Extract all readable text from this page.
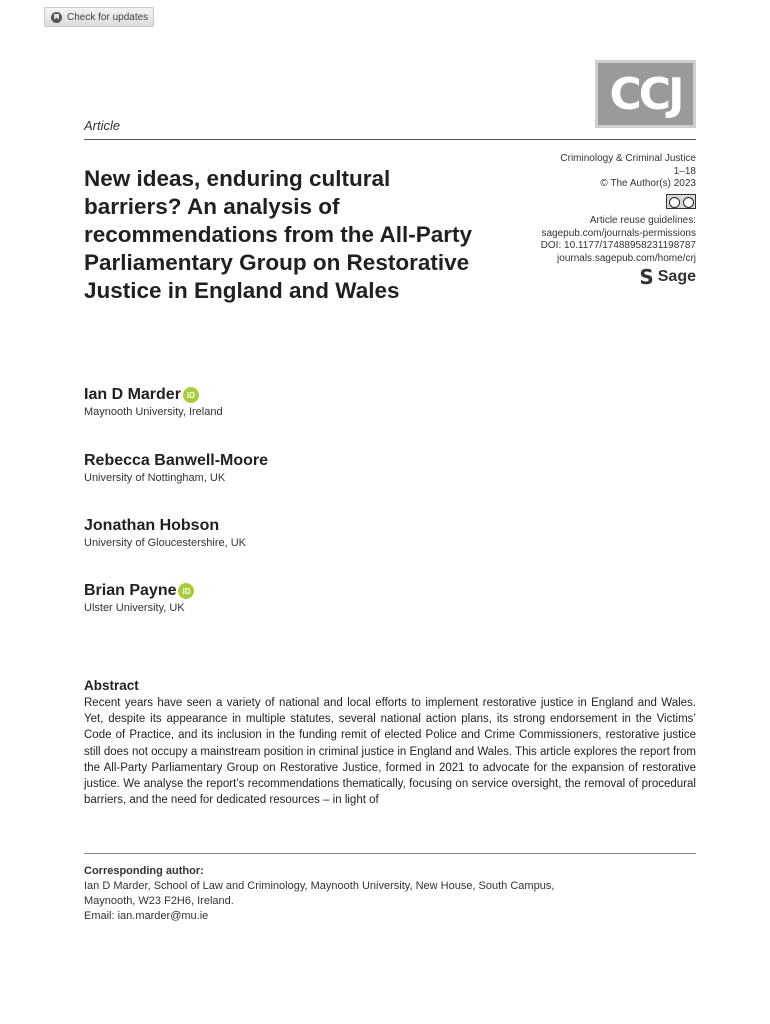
Check for updates
CCJ
Article
New ideas, enduring cultural barriers? An analysis of recommendations from the All-Party Parliamentary Group on Restorative Justice in England and Wales
Criminology & Criminal Justice
1–18
© The Author(s) 2023
Article reuse guidelines:
sagepub.com/journals-permissions
DOI: 10.1177/17488958231198787
journals.sagepub.com/home/crj
S Sage
Ian D Marder iD
Maynooth University, Ireland
Rebecca Banwell-Moore
University of Nottingham, UK
Jonathan Hobson
University of Gloucestershire, UK
Brian Payne iD
Ulster University, UK
Abstract

Recent years have seen a variety of national and local efforts to implement restorative justice in England and Wales. Yet, despite its appearance in multiple statutes, several national action plans, its strong endorsement in the Victims’ Code of Practice, and its inclusion in the funding remit of elected Police and Crime Commissioners, restorative justice still does not occupy a mainstream position in criminal justice in England and Wales. This article explores the report from the All-Party Parliamentary Group on Restorative Justice, formed in 2021 to advocate for the expansion of restorative justice. We analyse the report’s recommendations thematically, focusing on service oversight, the removal of procedural barriers, and the need for dedicated resources – in light of

Corresponding author:
Ian D Marder, School of Law and Criminology, Maynooth University, New House, South Campus,
Maynooth, W23 F2H6, Ireland.
Email: ian.marder@mu.ie
